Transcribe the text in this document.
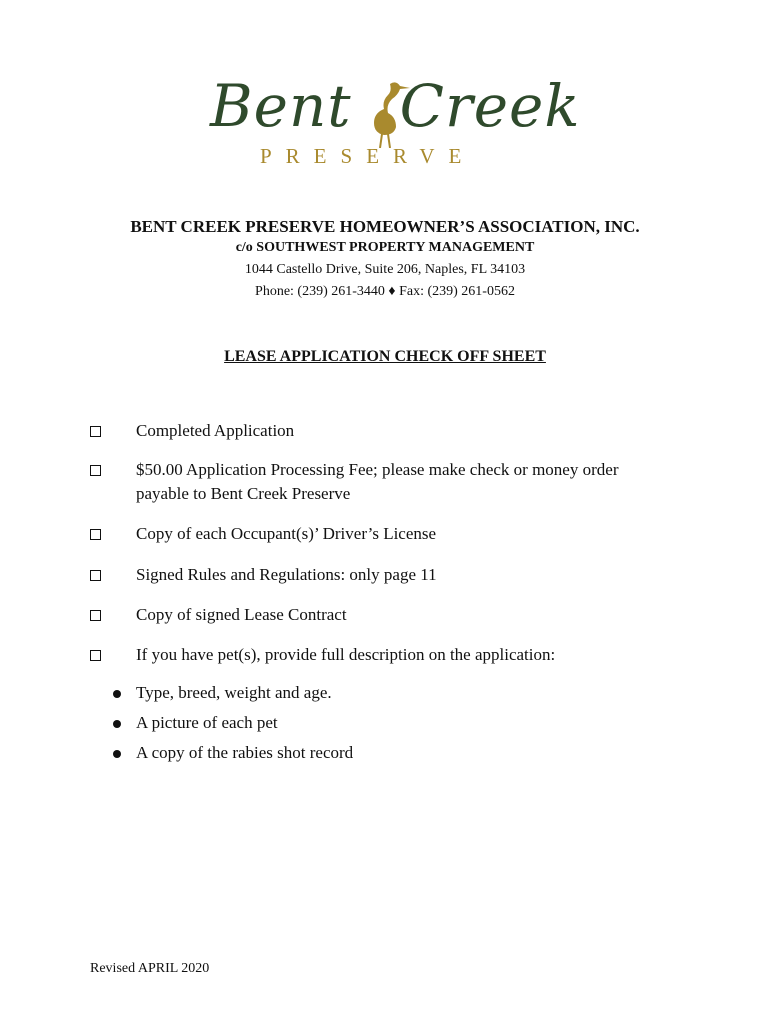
Bent Creek
PRESERVE
BENT CREEK PRESERVE HOMEOWNER’S ASSOCIATION, INC.
c/o SOUTHWEST PROPERTY MANAGEMENT
1044 Castello Drive, Suite 206, Naples, FL 34103
Phone: (239) 261-3440 ♦ Fax: (239) 261-0562
LEASE APPLICATION CHECK OFF SHEET
Completed Application
$50.00 Application Processing Fee; please make check or money order
payable to Bent Creek Preserve
Copy of each Occupant(s)’ Driver’s License
Signed Rules and Regulations: only page 11
Copy of signed Lease Contract
If you have pet(s), provide full description on the application:
Type, breed, weight and age.
A picture of each pet
A copy of the rabies shot record
Revised APRIL 2020
